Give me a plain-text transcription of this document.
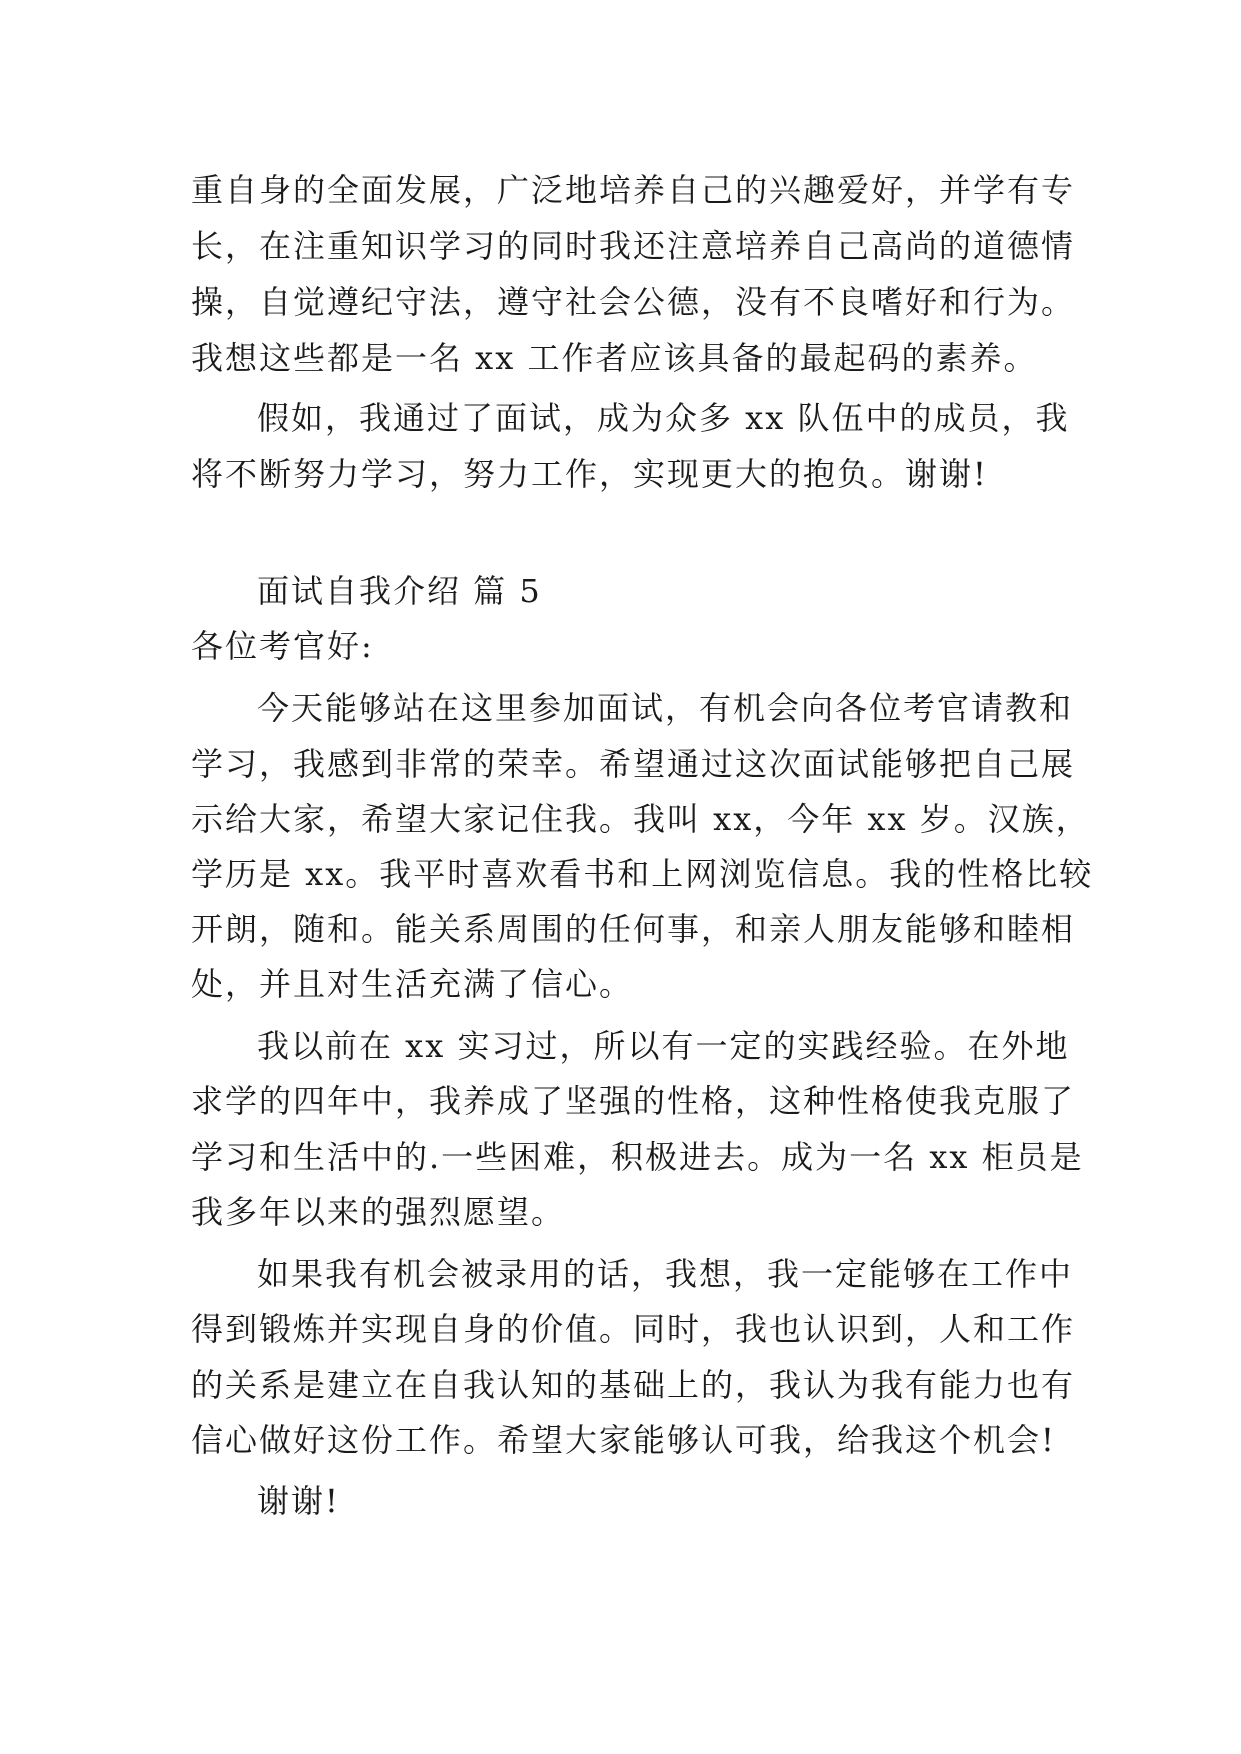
重自身的全面发展，广泛地培养自己的兴趣爱好，并学有专
长，在注重知识学习的同时我还注意培养自己高尚的道德情
操，自觉遵纪守法，遵守社会公德，没有不良嗜好和行为。
我想这些都是一名 xx 工作者应该具备的最起码的素养。
假如，我通过了面试，成为众多 xx 队伍中的成员，我
将不断努力学习，努力工作，实现更大的抱负。谢谢!
面试自我介绍 篇 5
各位考官好:
今天能够站在这里参加面试，有机会向各位考官请教和
学习，我感到非常的荣幸。希望通过这次面试能够把自己展
示给大家，希望大家记住我。我叫 xx，今年 xx 岁。汉族，
学历是 xx。我平时喜欢看书和上网浏览信息。我的性格比较
开朗，随和。能关系周围的任何事，和亲人朋友能够和睦相
处，并且对生活充满了信心。
我以前在 xx 实习过，所以有一定的实践经验。在外地
求学的四年中，我养成了坚强的性格，这种性格使我克服了
学习和生活中的.一些困难，积极进去。成为一名 xx 柜员是
我多年以来的强烈愿望。
如果我有机会被录用的话，我想，我一定能够在工作中
得到锻炼并实现自身的价值。同时，我也认识到，人和工作
的关系是建立在自我认知的基础上的，我认为我有能力也有
信心做好这份工作。希望大家能够认可我，给我这个机会!
谢谢!
